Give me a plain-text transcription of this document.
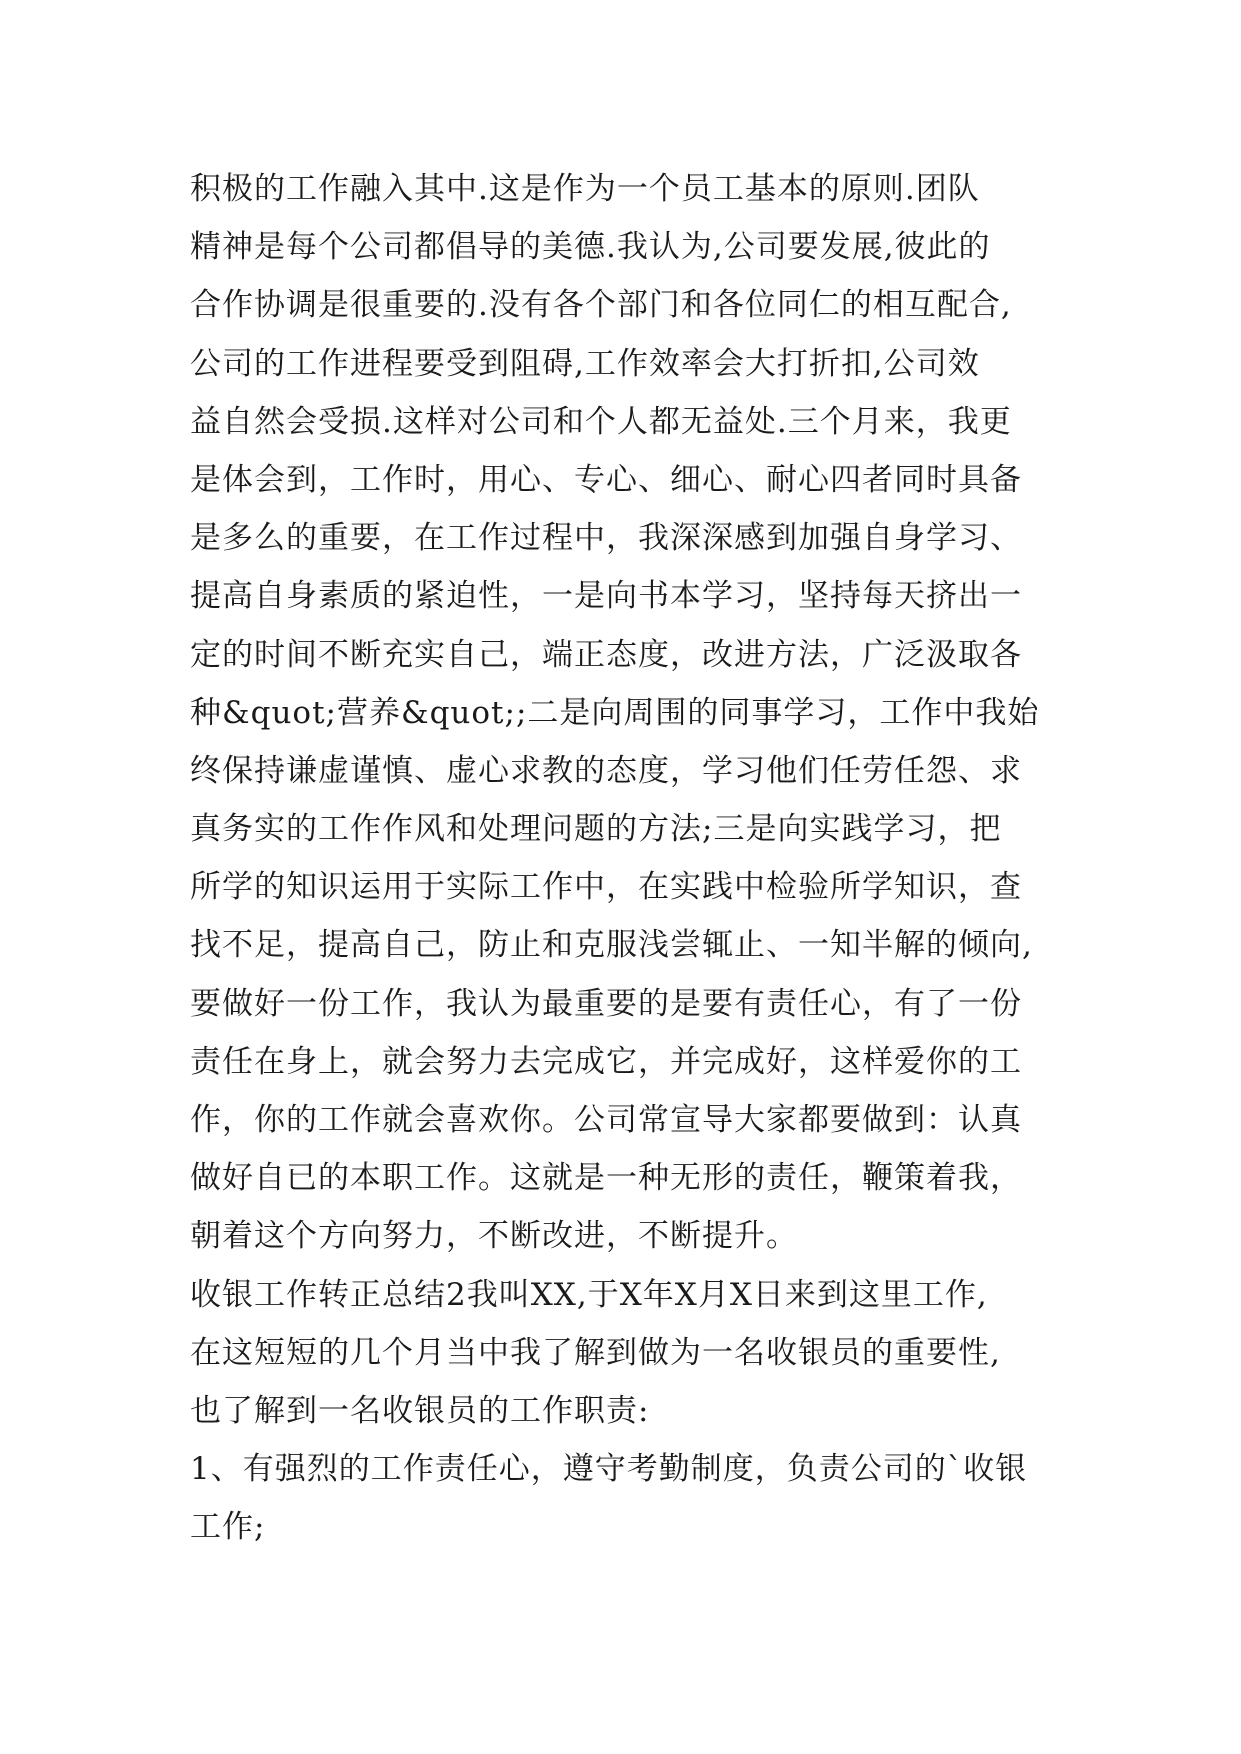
积极的工作融入其中.这是作为一个员工基本的原则.团队
精神是每个公司都倡导的美德.我认为,公司要发展,彼此的
合作协调是很重要的.没有各个部门和各位同仁的相互配合,
公司的工作进程要受到阻碍,工作效率会大打折扣,公司效
益自然会受损.这样对公司和个人都无益处.三个月来，我更
是体会到，工作时，用心、专心、细心、耐心四者同时具备
是多么的重要，在工作过程中，我深深感到加强自身学习、
提高自身素质的紧迫性，一是向书本学习，坚持每天挤出一
定的时间不断充实自己，端正态度，改进方法，广泛汲取各
种&quot;营养&quot;;二是向周围的同事学习，工作中我始
终保持谦虚谨慎、虚心求教的态度，学习他们任劳任怨、求
真务实的工作作风和处理问题的方法;三是向实践学习，把
所学的知识运用于实际工作中，在实践中检验所学知识，查
找不足，提高自己，防止和克服浅尝辄止、一知半解的倾向,
要做好一份工作，我认为最重要的是要有责任心，有了一份
责任在身上，就会努力去完成它，并完成好，这样爱你的工
作，你的工作就会喜欢你。公司常宣导大家都要做到：认真
做好自已的本职工作。这就是一种无形的责任，鞭策着我，
朝着这个方向努力，不断改进，不断提升。
收银工作转正总结2我叫XX,于X年X月X日来到这里工作,
在这短短的几个月当中我了解到做为一名收银员的重要性,
也了解到一名收银员的工作职责:
1、有强烈的工作责任心，遵守考勤制度，负责公司的`收银
工作;
